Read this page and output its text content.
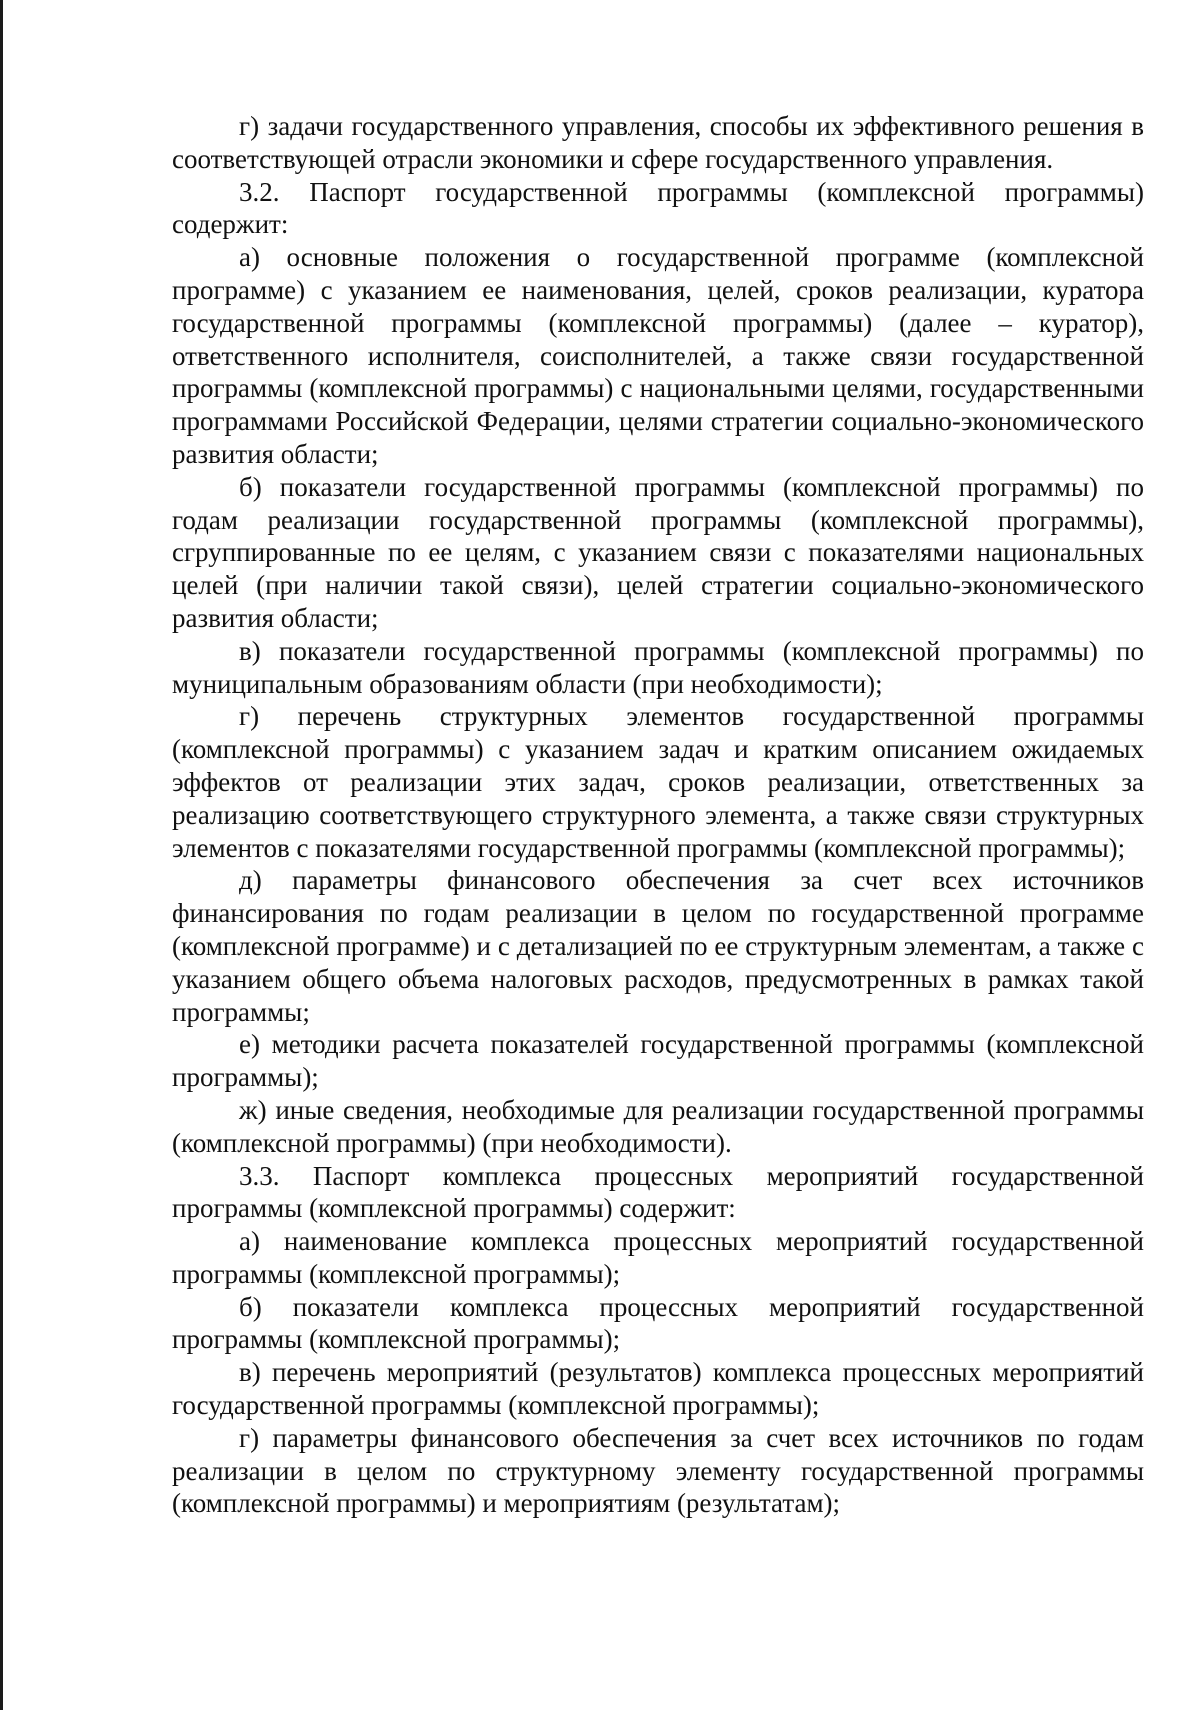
г) задачи государственного управления, способы их эффективного решения в соответствующей отрасли экономики и сфере государственного управления.

3.2. Паспорт государственной программы (комплексной программы) содержит:

а) основные положения о государственной программе (комплексной программе) с указанием ее наименования, целей, сроков реализации, куратора государственной программы (комплексной программы) (далее – куратор), ответственного исполнителя, соисполнителей, а также связи государственной программы (комплексной программы) с национальными целями, государственными программами Российской Федерации, целями стратегии социально-экономического развития области;

б) показатели государственной программы (комплексной программы) по годам реализации государственной программы (комплексной программы), сгруппированные по ее целям, с указанием связи с показателями национальных целей (при наличии такой связи), целей стратегии социально-экономического развития области;

в) показатели государственной программы (комплексной программы) по муниципальным образованиям области (при необходимости);

г) перечень структурных элементов государственной программы (комплексной программы) с указанием задач и кратким описанием ожидаемых эффектов от реализации этих задач, сроков реализации, ответственных за реализацию соответствующего структурного элемента, а также связи структурных элементов с показателями государственной программы (комплексной программы);

д) параметры финансового обеспечения за счет всех источников финансирования по годам реализации в целом по государственной программе (комплексной программе) и с детализацией по ее структурным элементам, а также с указанием общего объема налоговых расходов, предусмотренных в рамках такой программы;

е) методики расчета показателей государственной программы (комплексной программы);

ж) иные сведения, необходимые для реализации государственной программы (комплексной программы) (при необходимости).

3.3. Паспорт комплекса процессных мероприятий государственной программы (комплексной программы) содержит:

а) наименование комплекса процессных мероприятий государственной программы (комплексной программы);

б) показатели комплекса процессных мероприятий государственной программы (комплексной программы);

в) перечень мероприятий (результатов) комплекса процессных мероприятий государственной программы (комплексной программы);

г) параметры финансового обеспечения за счет всех источников по годам реализации в целом по структурному элементу государственной программы (комплексной программы) и мероприятиям (результатам);
